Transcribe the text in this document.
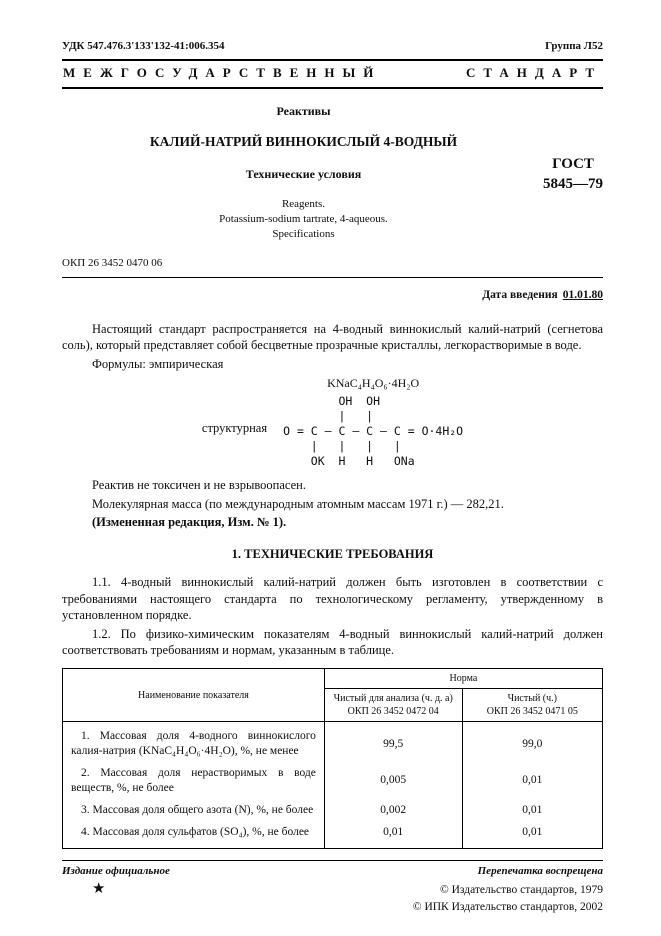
УДК 547.476.3'133'132-41:006.354	Группа Л52
МЕЖГОСУДАРСТВЕННЫЙ СТАНДАРТ
Реактивы
КАЛИЙ-НАТРИЙ ВИННОКИСЛЫЙ 4-ВОДНЫЙ
Технические условия
Reagents.
Potassium-sodium tartrate, 4-aqueous.
Specifications
ГОСТ
5845—79
ОКП 26 3452 0470 06
Дата введения 01.01.80

Настоящий стандарт распространяется на 4-водный виннокислый калий-натрий (сегнетова соль), который представляет собой бесцветные прозрачные кристаллы, легкорастворимые в воде.

Формулы: эмпирическая

структурная
KNaC₄H₄O₆·4H₂O
OH  OH
|   |
O = C — C — C — C = O·4H₂O
|   |   |   |
OK  H   H   ONa

Реактив не токсичен и не взрывоопасен.

Молекулярная масса (по международным атомным массам 1971 г.) — 282,21.

(Измененная редакция, Изм. № 1).

1. ТЕХНИЧЕСКИЕ ТРЕБОВАНИЯ

1.1. 4-водный виннокислый калий-натрий должен быть изготовлен в соответствии с требованиями настоящего стандарта по технологическому регламенту, утвержденному в установленном порядке.

1.2. По физико-химическим показателям 4-водный виннокислый калий-натрий должен соответствовать требованиям и нормам, указанным в таблице.

Наименование показателя	Норма	

Чистый для анализа (ч. д. а)
ОКП 26 3452 0472 04

Чистый (ч.)
ОКП 26 3452 0471 05

1. Массовая доля 4-водного виннокислого калия-натрия (KNaC₄H₄O₆·4H₂O), %, не менее	99,5	99,0
2. Массовая доля нерастворимых в воде веществ, %, не более	0,005	0,01
3. Массовая доля общего азота (N), %, не более	0,002	0,01
4. Массовая доля сульфатов (SO₄), %, не более	0,01	0,01
Издание официальное	Перепечатка воспрещена
★	© Издательство стандартов, 1979
© ИПК Издательство стандартов, 2002
